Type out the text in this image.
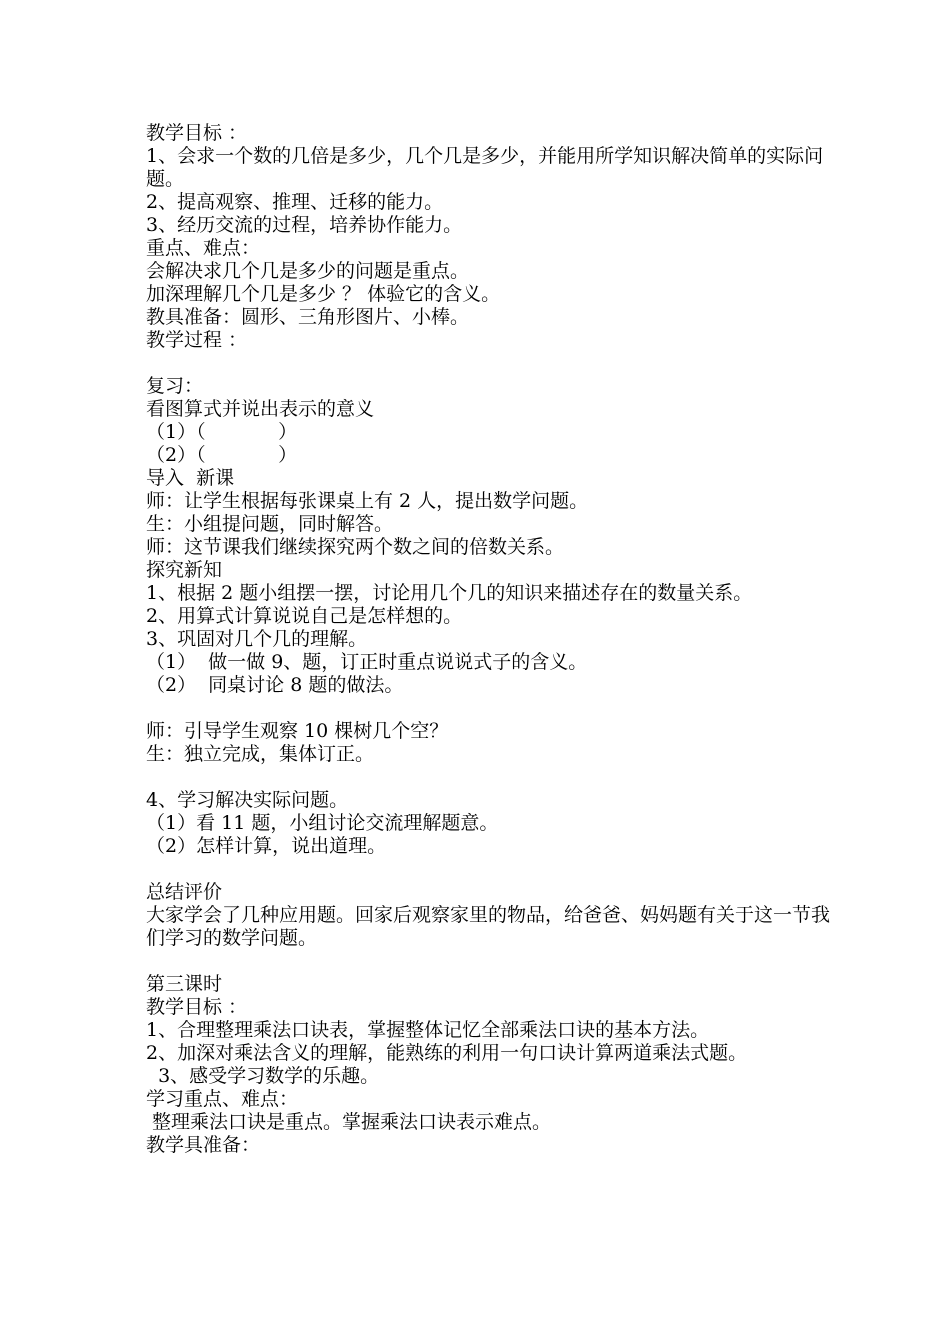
教学目标 ：
1、会求一个数的几倍是多少，几个几是多少，并能用所学知识解决简单的实际问题。
2、提高观察、推理、迁移的能力。
3、经历交流的过程，培养协作能力。
重点、难点：
会解决求几个几是多少的问题是重点。
加深理解几个几是多少 ？ 体验它的含义。
教具准备：圆形、三角形图片、小棒。
教学过程 ：
复习：
看图算式并说出表示的意义
（1）（            ）
（2）（            ）
导入  新课
师：让学生根据每张课桌上有 2 人，提出数学问题。
生：小组提问题，同时解答。
师：这节课我们继续探究两个数之间的倍数关系。
探究新知
1、根据 2 题小组摆一摆，讨论用几个几的知识来描述存在的数量关系。
2、用算式计算说说自己是怎样想的。
3、巩固对几个几的理解。
（1）  做一做 9、题，订正时重点说说式子的含义。
（2）  同桌讨论 8 题的做法。
师：引导学生观察 10 棵树几个空？
生：独立完成，集体订正。
4、学习解决实际问题。
（1）看 11 题，小组讨论交流理解题意。
（2）怎样计算，说出道理。
总结评价
大家学会了几种应用题。回家后观察家里的物品，给爸爸、妈妈题有关于这一节我们学习的数学问题。
第三课时
教学目标 ：
1、合理整理乘法口诀表，掌握整体记忆全部乘法口诀的基本方法。
2、加深对乘法含义的理解，能熟练的利用一句口诀计算两道乘法式题。
3、感受学习数学的乐趣。
学习重点、难点：
整理乘法口诀是重点。掌握乘法口诀表示难点。
教学具准备：
